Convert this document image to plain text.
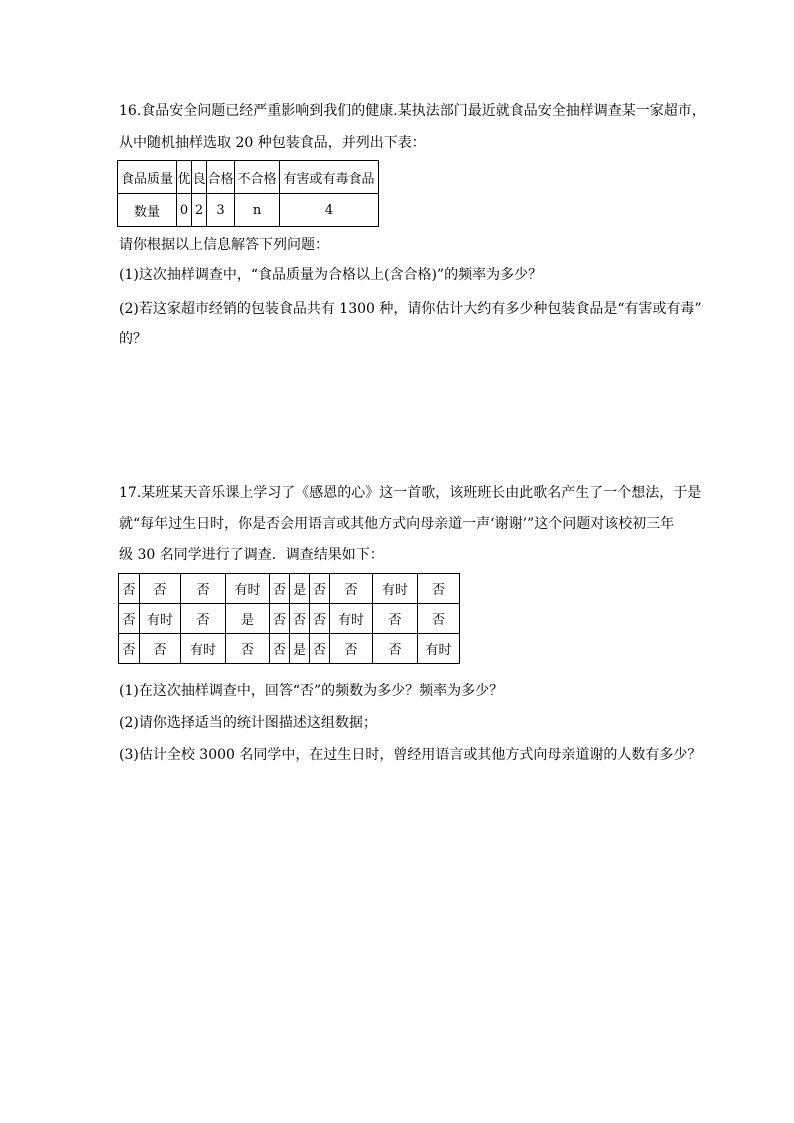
16.食品安全问题已经严重影响到我们的健康.某执法部门最近就食品安全抽样调查某一家超市，
从中随机抽样选取 20 种包装食品，并列出下表：
食品质量	优	良	合格	不合格	有害或有毒食品
数量	0	2	3	n	4
请你根据以上信息解答下列问题：
(1)这次抽样调查中，“食品质量为合格以上(含合格)”的频率为多少？
(2)若这家超市经销的包装食品共有 1300 种，请你估计大约有多少种包装食品是“有害或有毒”
的？
17.某班某天音乐课上学习了《感恩的心》这一首歌，该班班长由此歌名产生了一个想法，于是
就“每年过生日时，你是否会用语言或其他方式向母亲道一声‘谢谢’”这个问题对该校初三年
级 30 名同学进行了调查．调查结果如下：
否	否	否	有时	否	是	否	否	有时	否
否	有时	否	是	否	否	否	有时	否	否
否	否	有时	否	否	是	否	否	否	有时
(1)在这次抽样调查中，回答“否”的频数为多少？频率为多少？
(2)请你选择适当的统计图描述这组数据；
(3)估计全校 3000 名同学中，在过生日时，曾经用语言或其他方式向母亲道谢的人数有多少？
